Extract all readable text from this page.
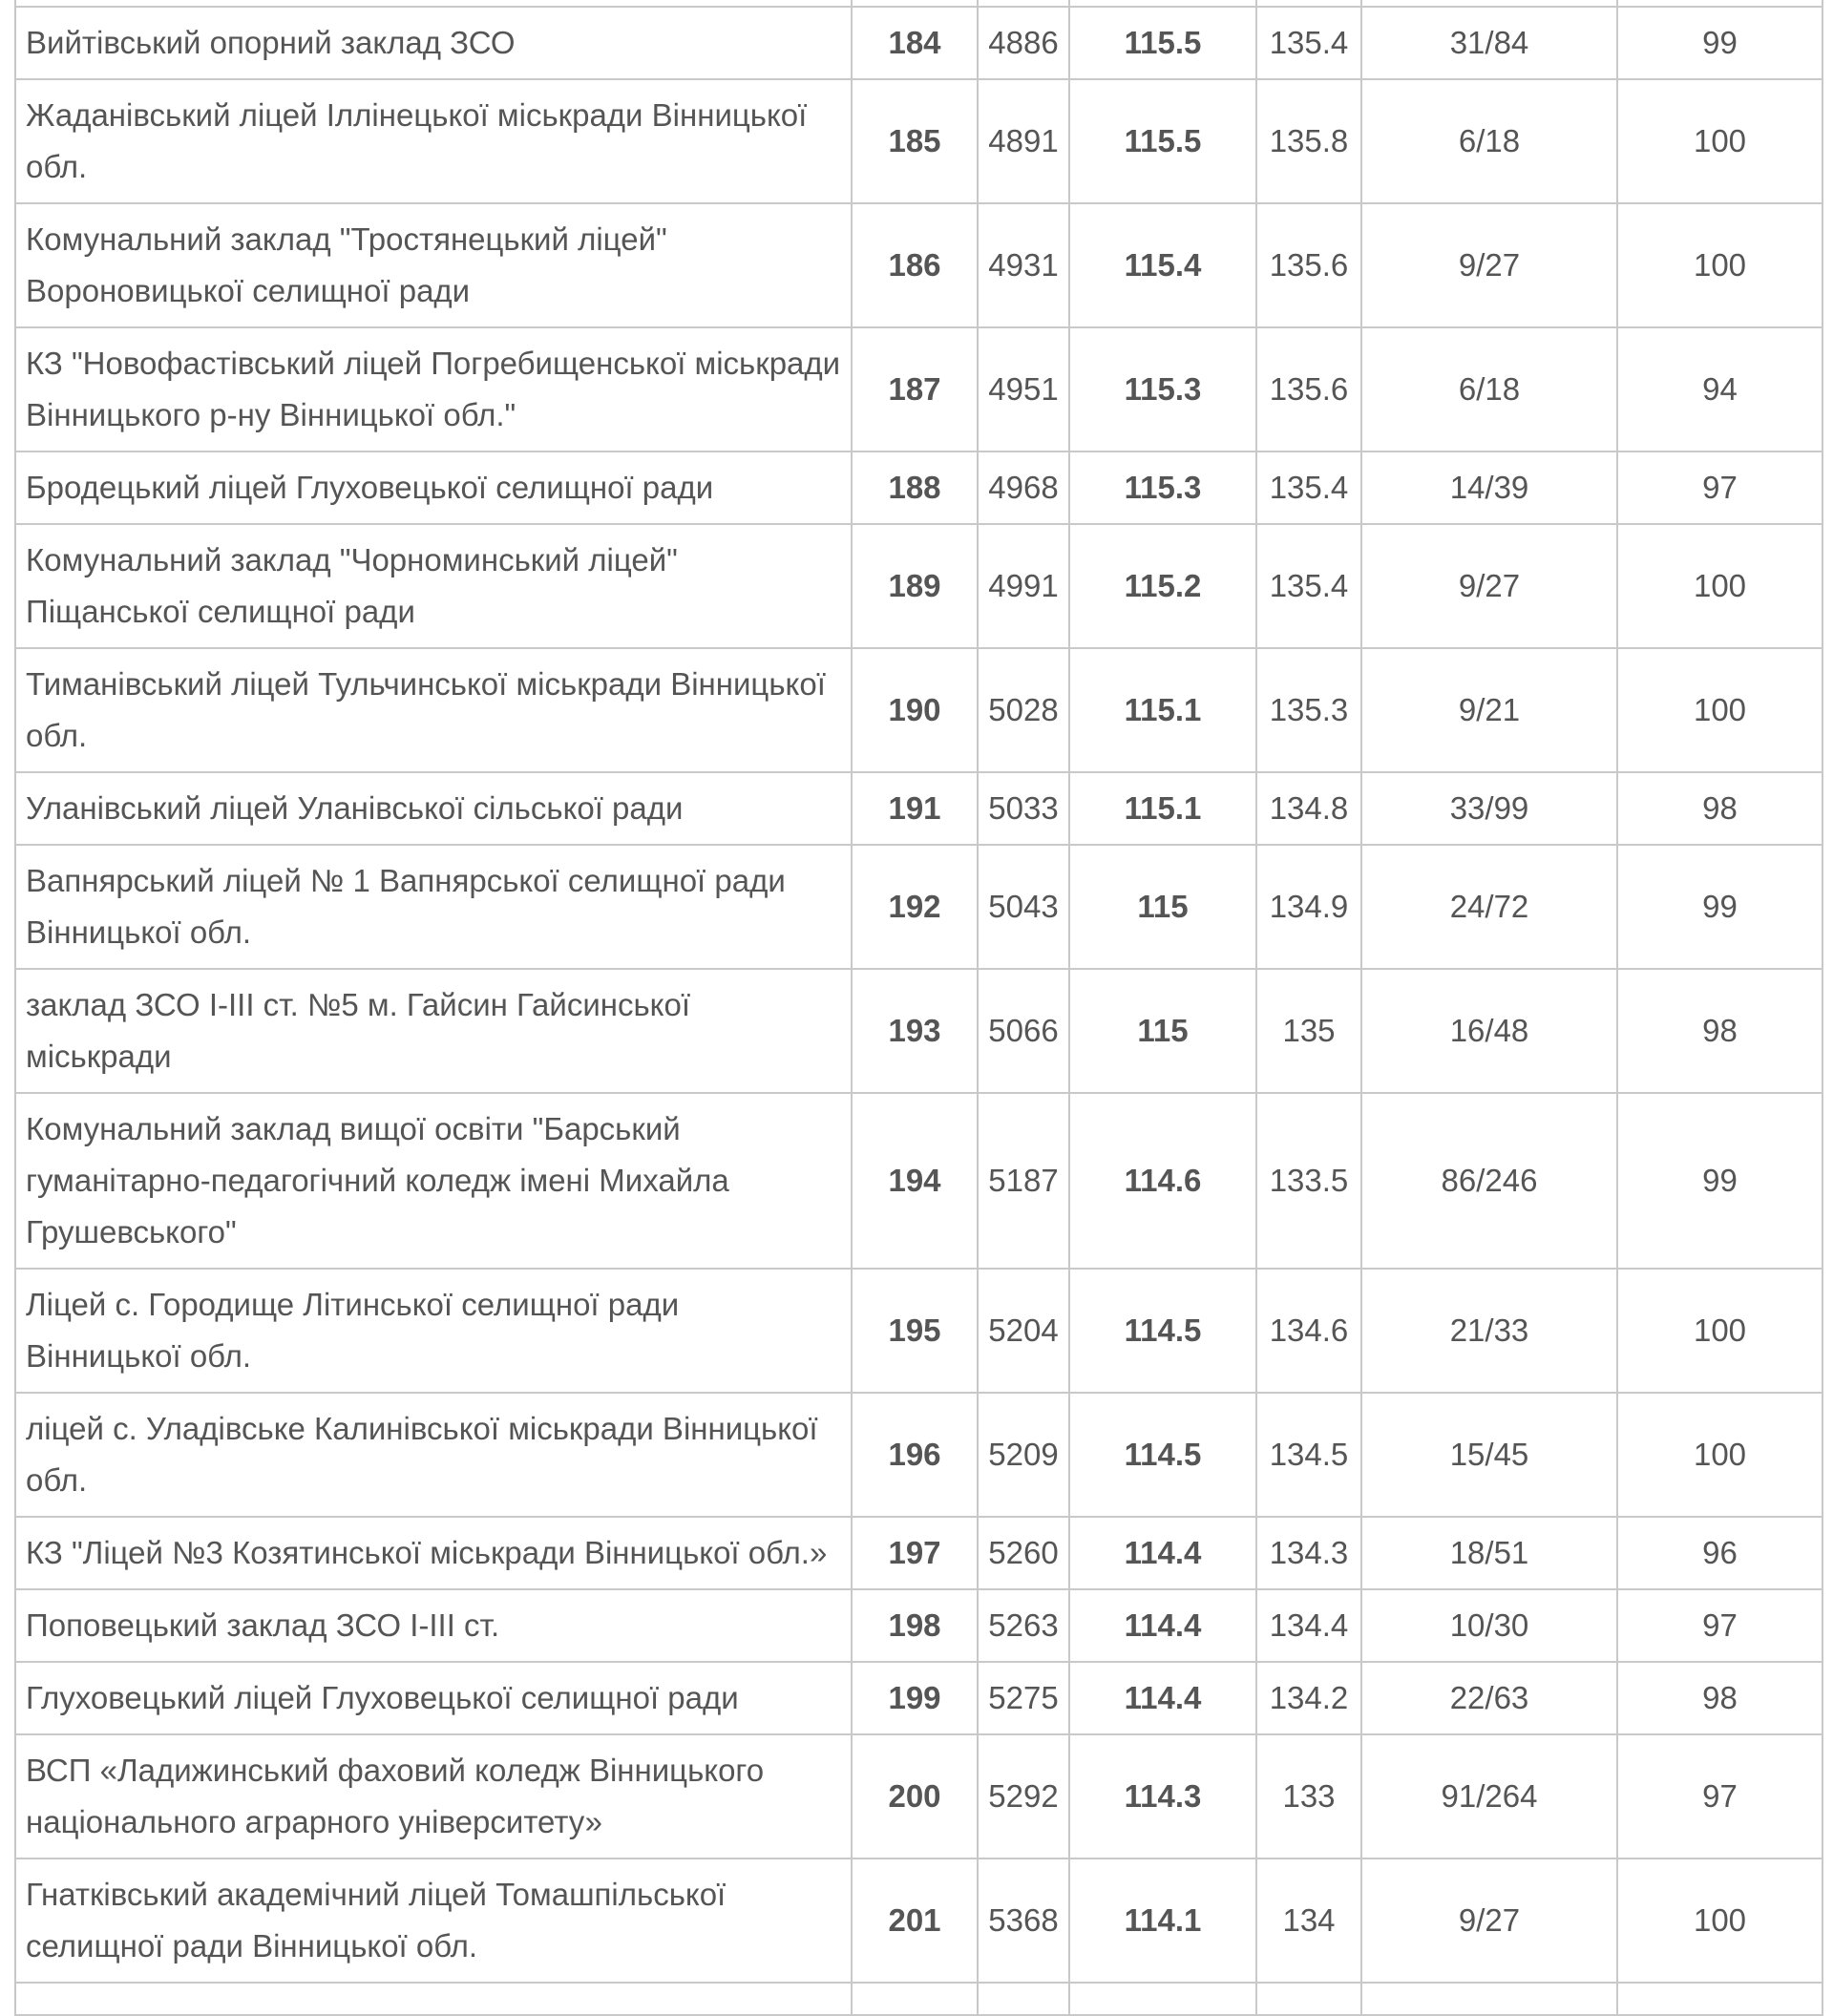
Вийтівський опорний заклад ЗСО	184	4886	115.5	135.4	31/84	99
Жаданівський ліцей Іллінецької міськради Вінницької обл.	185	4891	115.5	135.8	6/18	100
Комунальний заклад "Тростянецький ліцей" Вороновицької селищної ради	186	4931	115.4	135.6	9/27	100
КЗ "Новофастівський ліцей Погребищенської міськради Вінницького р-ну Вінницької обл."	187	4951	115.3	135.6	6/18	94
Бродецький ліцей Глуховецької селищної ради	188	4968	115.3	135.4	14/39	97
Комунальний заклад "Чорноминський ліцей" Піщанської селищної ради	189	4991	115.2	135.4	9/27	100
Тиманівський ліцей Тульчинської міськради Вінницької обл.	190	5028	115.1	135.3	9/21	100
Уланівський ліцей Уланівської сільської ради	191	5033	115.1	134.8	33/99	98
Вапнярський ліцей № 1 Вапнярської селищної ради Вінницької обл.	192	5043	115	134.9	24/72	99
заклад ЗСО І-ІІІ ст. №5 м. Гайсин Гайсинської міськради	193	5066	115	135	16/48	98
Комунальний заклад вищої освіти "Барський гуманітарно-педагогічний коледж імені Михайла Грушевського"	194	5187	114.6	133.5	86/246	99
Ліцей с. Городище Літинської селищної ради Вінницької обл.	195	5204	114.5	134.6	21/33	100
ліцей с. Уладівське Калинівської міськради Вінницької обл.	196	5209	114.5	134.5	15/45	100
КЗ "Ліцей №3 Козятинської міськради Вінницької обл.»	197	5260	114.4	134.3	18/51	96
Поповецький заклад ЗСО І-ІІІ ст.	198	5263	114.4	134.4	10/30	97
Глуховецький ліцей Глуховецької селищної ради	199	5275	114.4	134.2	22/63	98
ВСП «Ладижинський фаховий коледж Вінницького національного аграрного університету»	200	5292	114.3	133	91/264	97
Гнатківський академічний ліцей Томашпільської селищної ради Вінницької обл.	201	5368	114.1	134	9/27	100
